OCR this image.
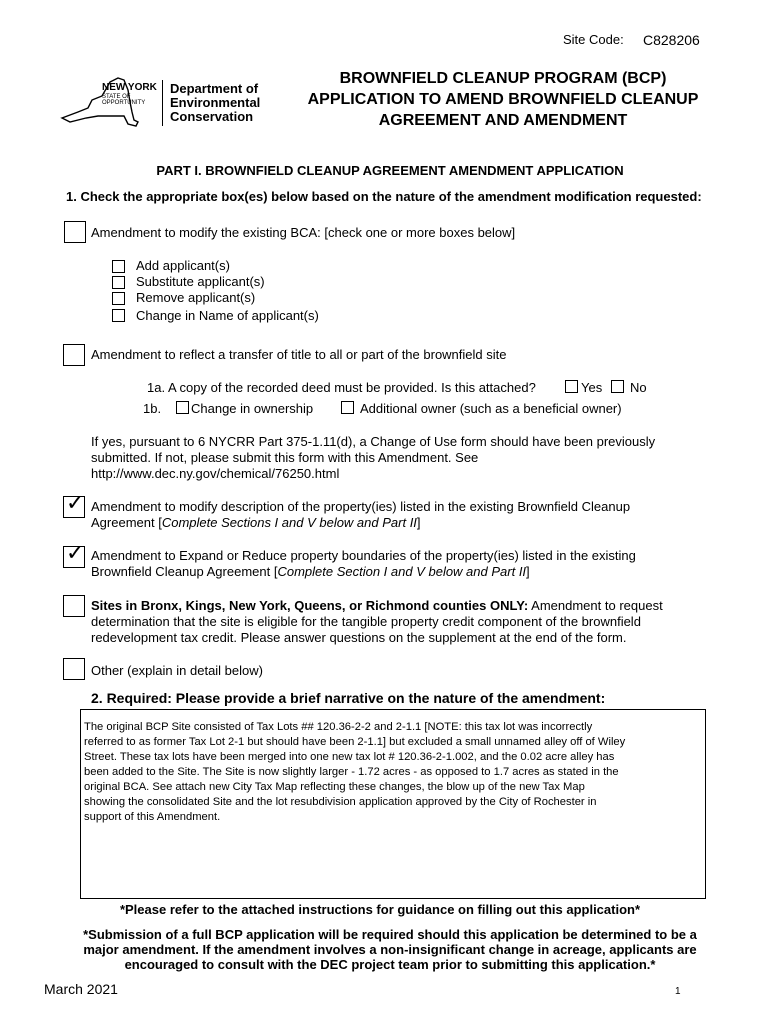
Site Code: C828206
NEW YORK
STATE OF
OPPORTUNITY
Department of
Environmental
Conservation
BROWNFIELD CLEANUP PROGRAM (BCP)
APPLICATION TO AMEND BROWNFIELD CLEANUP
AGREEMENT AND AMENDMENT
PART I. BROWNFIELD CLEANUP AGREEMENT AMENDMENT APPLICATION
1. Check the appropriate box(es) below based on the nature of the amendment modification requested:
Amendment to modify the existing BCA: [check one or more boxes below]
Add applicant(s)
Substitute applicant(s)
Remove applicant(s)
Change in Name of applicant(s)
Amendment to reflect a transfer of title to all or part of the brownfield site
1a. A copy of the recorded deed must be provided. Is this attached?	Yes No
1b. Change in ownership	Additional owner (such as a beneficial owner)
If yes, pursuant to 6 NYCRR Part 375-1.11(d), a Change of Use form should have been previously
submitted. If not, please submit this form with this Amendment. See
http://www.dec.ny.gov/chemical/76250.html
✓ Amendment to modify description of the property(ies) listed in the existing Brownfield Cleanup
Agreement [Complete Sections I and V below and Part II]
✓ Amendment to Expand or Reduce property boundaries of the property(ies) listed in the existing
Brownfield Cleanup Agreement [Complete Section I and V below and Part II]
Sites in Bronx, Kings, New York, Queens, or Richmond counties ONLY: Amendment to request
determination that the site is eligible for the tangible property credit component of the brownfield
redevelopment tax credit. Please answer questions on the supplement at the end of the form.
Other (explain in detail below)
2. Required: Please provide a brief narrative on the nature of the amendment:
The original BCP Site consisted of Tax Lots ## 120.36-2-2 and 2-1.1 [NOTE: this tax lot was incorrectly
referred to as former Tax Lot 2-1 but should have been 2-1.1] but excluded a small unnamed alley off of Wiley
Street. These tax lots have been merged into one new tax lot # 120.36-2-1.002, and the 0.02 acre alley has
been added to the Site. The Site is now slightly larger - 1.72 acres - as opposed to 1.7 acres as stated in the
original BCA. See attach new City Tax Map reflecting these changes, the blow up of the new Tax Map
showing the consolidated Site and the lot resubdivision application approved by the City of Rochester in
support of this Amendment.
*Please refer to the attached instructions for guidance on filling out this application*
*Submission of a full BCP application will be required should this application be determined to be a
major amendment. If the amendment involves a non-insignificant change in acreage, applicants are
encouraged to consult with the DEC project team prior to submitting this application.*
March 2021	1
